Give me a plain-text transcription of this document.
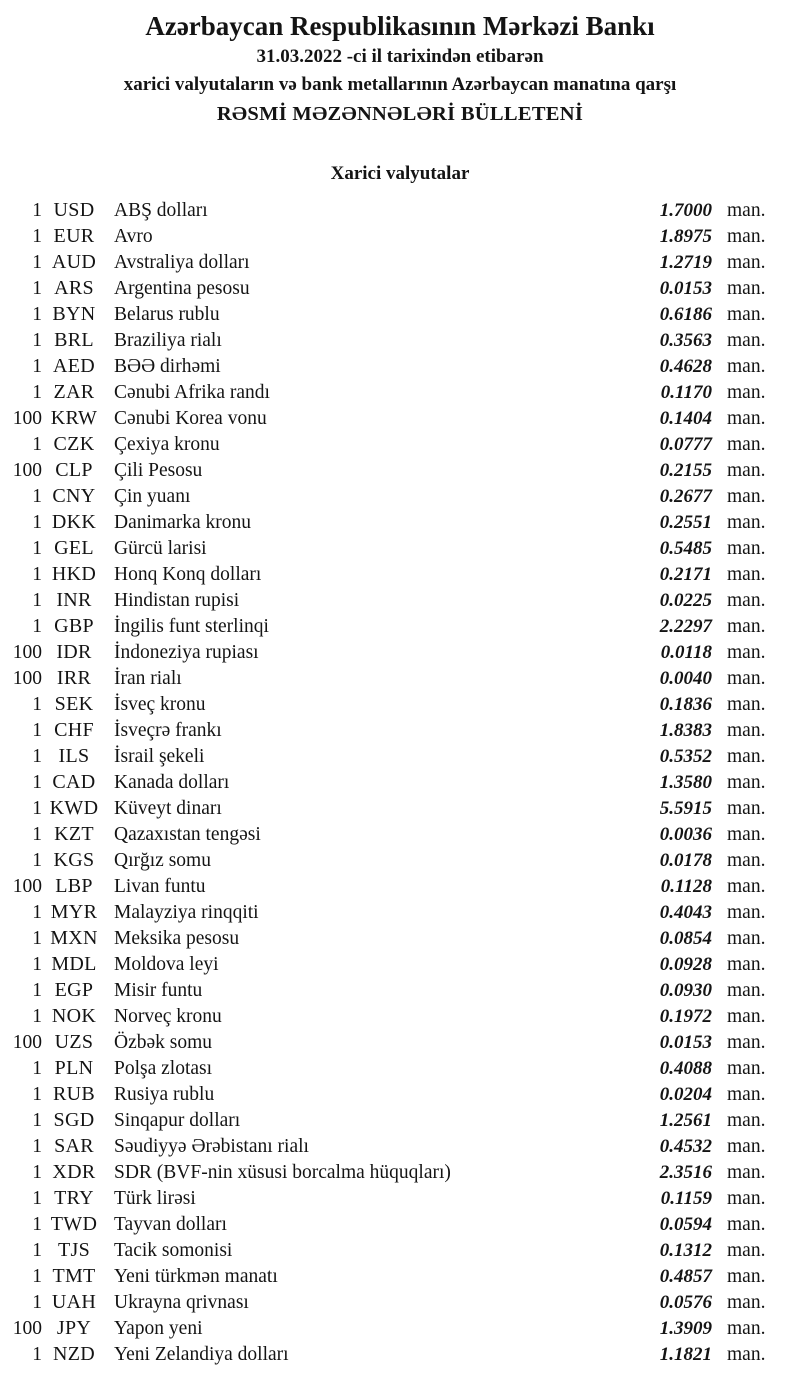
Azərbaycan Respublikasının Mərkəzi Bankı
31.03.2022 -ci il tarixindən etibarən
xarici valyutaların və bank metallarının Azərbaycan manatına qarşı
RƏSMİ MƏZƏNNƏLƏRİ BÜLLETENİ
Xarici valyutalar
1 USD	ABŞ dolları	1.7000 man.
1 EUR	Avro	1.8975 man.
1 AUD Avstraliya dolları	1.2719 man.
1 ARS	Argentina pesosu	0.0153 man.
1 BYN Belarus rublu	0.6186 man.
1 BRL	Braziliya rialı	0.3563 man.
1 AED BƏƏ dirhəmi	0.4628 man.
1 ZAR	Cənubi Afrika randı	0.1170 man.
100 KRW Cənubi Korea vonu	0.1404 man.
1 CZK	Çexiya kronu	0.0777 man.
100 CLP	Çili Pesosu	0.2155 man.
1 CNY Çin yuanı	0.2677 man.
1 DKK Danimarka kronu	0.2551 man.
1 GEL	Gürcü larisi	0.5485 man.
1 HKD Honq Konq dolları	0.2171 man.
1 INR	Hindistan rupisi	0.0225 man.
1 GBP	İngilis funt sterlinqi	2.2297 man.
100 IDR	İndoneziya rupiası	0.0118 man.
100 IRR	İran rialı	0.0040 man.
1 SEK	İsveç kronu	0.1836 man.
1 CHF	İsveçrə frankı	1.8383 man.
1 ILS	İsrail şekeli	0.5352 man.
1 CAD Kanada dolları	1.3580 man.
1 KWD Küveyt dinarı	5.5915 man.
1 KZT	Qazaxıstan tengəsi	0.0036 man.
1 KGS	Qırğız somu	0.0178 man.
100 LBP	Livan funtu	0.1128 man.
1 MYR Malayziya rinqqiti	0.4043 man.
1 MXN Meksika pesosu	0.0854 man.
1 MDL Moldova leyi	0.0928 man.
1 EGP	Misir funtu	0.0930 man.
1 NOK Norveç kronu	0.1972 man.
100 UZS	Özbək somu	0.0153 man.
1 PLN	Polşa zlotası	0.4088 man.
1 RUB Rusiya rublu	0.0204 man.
1 SGD	Sinqapur dolları	1.2561 man.
1 SAR	Səudiyyə Ərəbistanı rialı	0.4532 man.
1 XDR SDR (BVF-nin xüsusi borcalma hüquqları)	2.3516 man.
1 TRY	Türk lirəsi	0.1159 man.
1 TWD Tayvan dolları	0.0594 man.
1 TJS	Tacik somonisi	0.1312 man.
1 TMT Yeni türkmən manatı	0.4857 man.
1 UAH Ukrayna qrivnası	0.0576 man.
100 JPY	Yapon yeni	1.3909 man.
1 NZD Yeni Zelandiya dolları	1.1821 man.
